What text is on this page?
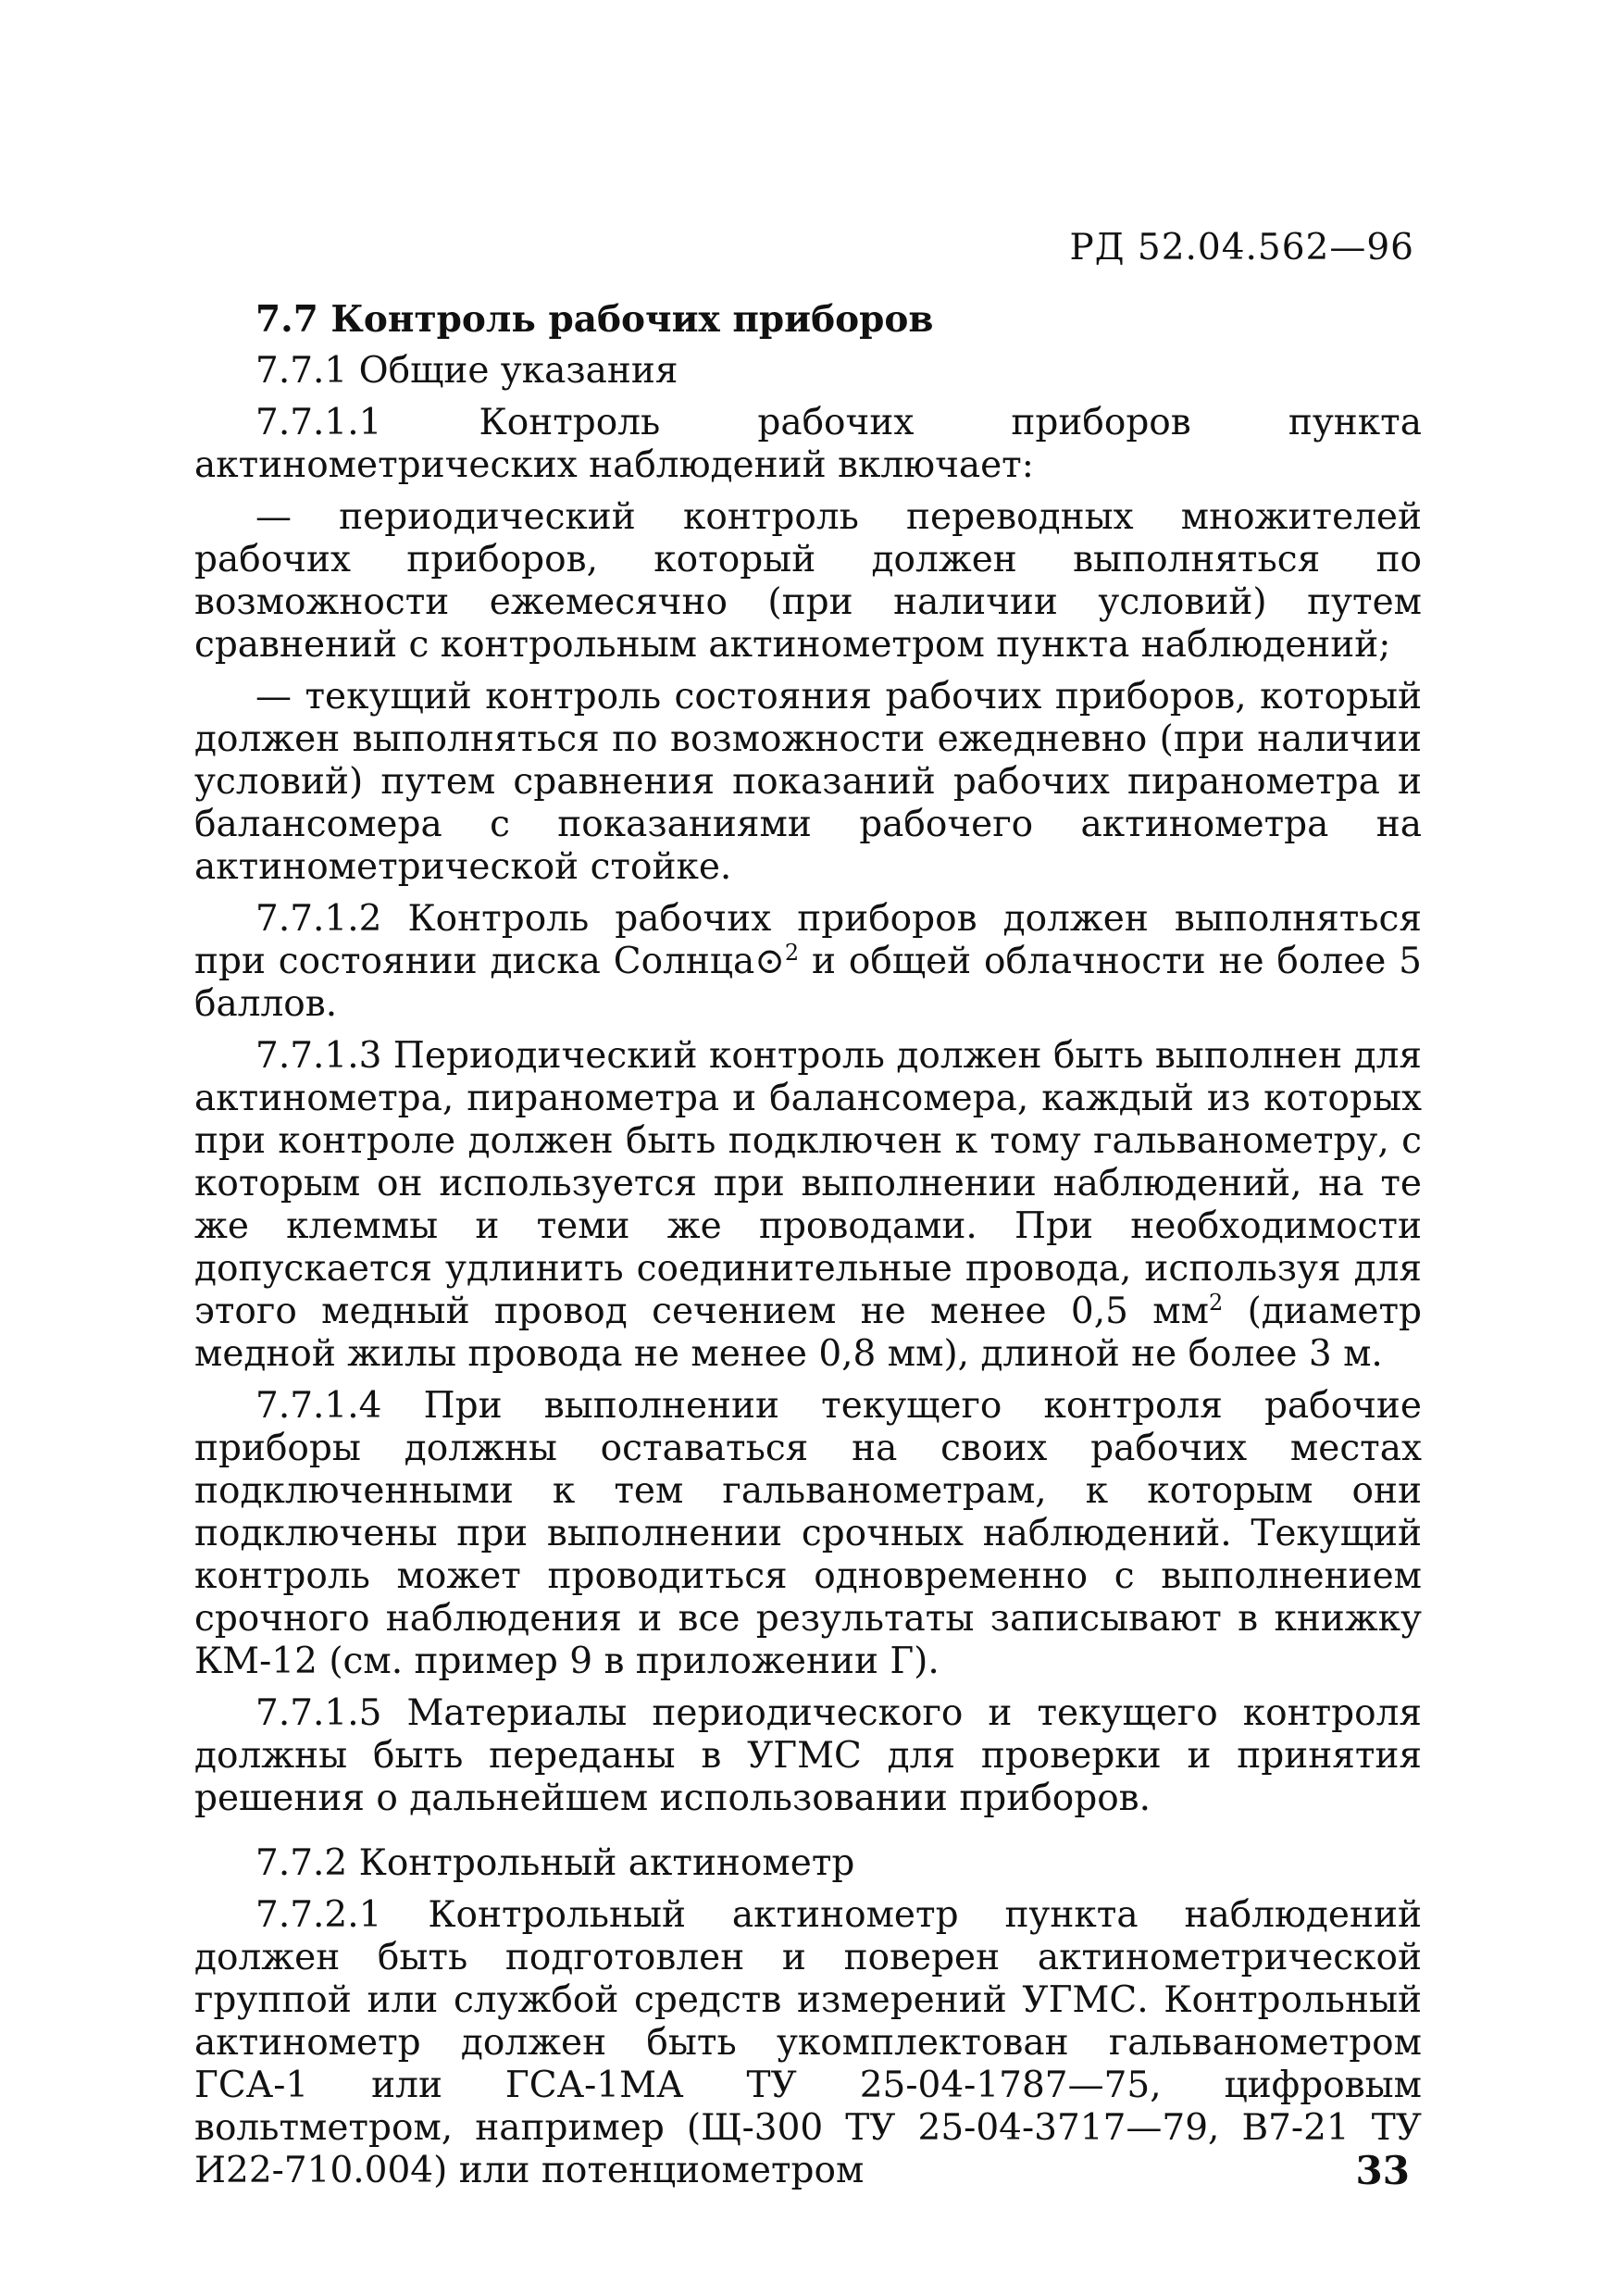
РД 52.04.562—96

7.7 Контроль рабочих приборов

7.7.1 Общие указания

7.7.1.1 Контроль рабочих приборов пункта актинометрических наблюдений включает:

— периодический контроль переводных множителей рабочих приборов, который должен выполняться по возможности ежемесячно (при наличии условий) путем сравнений с контрольным актинометром пункта наблюдений;

— текущий контроль состояния рабочих приборов, который должен выполняться по возможности ежедневно (при наличии условий) путем сравнения показаний рабочих пиранометра и балансомера с показаниями рабочего актинометра на актинометрической стойке.

7.7.1.2 Контроль рабочих приборов должен выполняться при состоянии диска Солнца⊙$^2$ и общей облачности не более 5 баллов.

7.7.1.3 Периодический контроль должен быть выполнен для актинометра, пиранометра и балансомера, каждый из которых при контроле должен быть подключен к тому гальванометру, с которым он используется при выполнении наблюдений, на те же клеммы и теми же проводами. При необходимости допускается удлинить соединительные провода, используя для этого медный провод сечением не менее 0,5 $мм^2$ (диаметр медной жилы провода не менее 0,8 мм), длиной не более 3 м.

7.7.1.4 При выполнении текущего контроля рабочие приборы должны оставаться на своих рабочих местах подключенными к тем гальванометрам, к которым они подключены при выполнении срочных наблюдений. Текущий контроль может проводиться одновременно с выполнением срочного наблюдения и все результаты записывают в книжку КМ-12 (см. пример 9 в приложении Г).

7.7.1.5 Материалы периодического и текущего контроля должны быть переданы в УГМС для проверки и принятия решения о дальнейшем использовании приборов.

7.7.2 Контрольный актинометр

7.7.2.1 Контрольный актинометр пункта наблюдений должен быть подготовлен и поверен актинометрической группой или службой средств измерений УГМС. Контрольный актинометр должен быть укомплектован гальванометром ГСА-1 или ГСА-1МА ТУ 25-04-1787—75, цифровым вольтметром, например (Щ-300 ТУ 25-04-3717—79, В7-21 ТУ И22-710.004) или потенциометром	33
